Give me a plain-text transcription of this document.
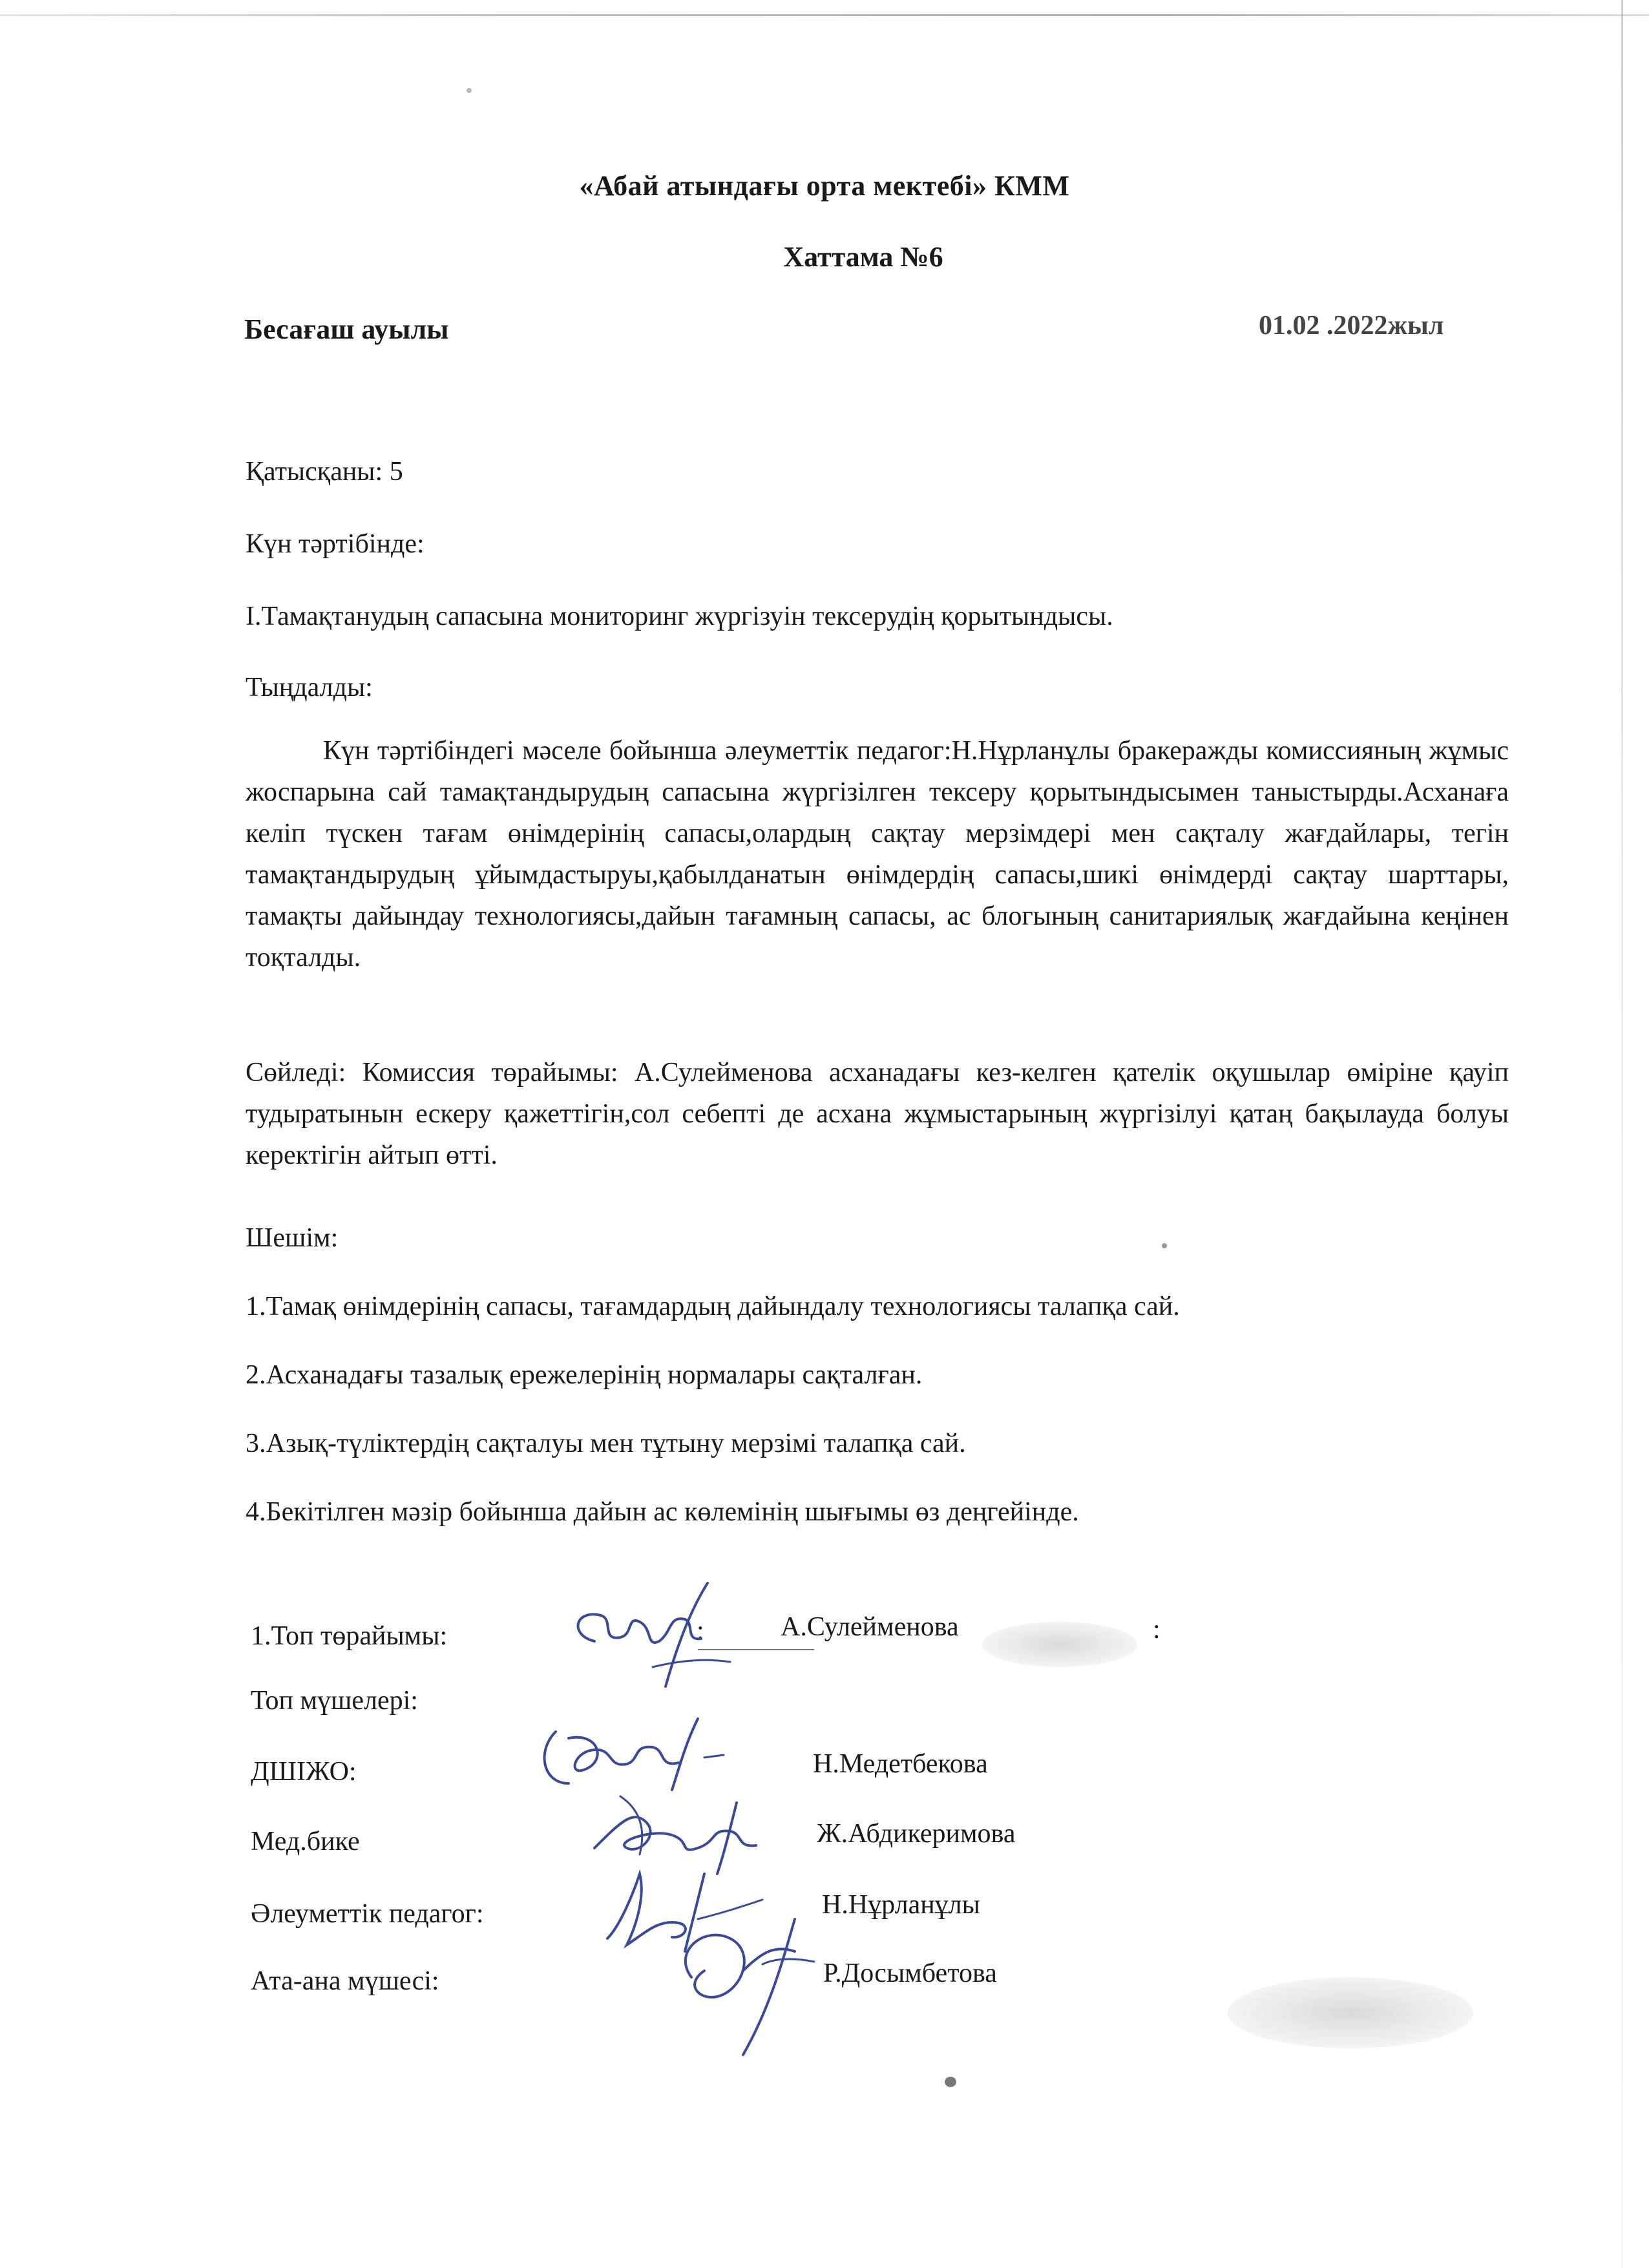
«Абай атындағы орта мектебі» КММ
Хаттама №6
Бесағаш ауылы	01.02 .2022жыл
Қатысқаны: 5
Күн тәртібінде:
І.Тамақтанудың сапасына мониторинг жүргізуін тексерудің қорытындысы.
Тыңдалды:
Күн тәртібіндегі мәселе бойынша әлеуметтік педагог:Н.Нұрланұлы бракеражды комиссияның жұмыс жоспарына сай тамақтандырудың сапасына жүргізілген тексеру қорытындысымен таныстырды.Асханаға келіп түскен тағам өнімдерінің сапасы,олардың сақтау мерзімдері мен сақталу жағдайлары, тегін тамақтандырудың ұйымдастыруы,қабылданатын өнімдердің сапасы,шикі өнімдерді сақтау шарттары, тамақты дайындау технологиясы,дайын тағамның сапасы, ас блогының санитариялық жағдайына кеңінен тоқталды.
Сөйледі: Комиссия төрайымы: А.Сулейменова асханадағы кез-келген қателік оқушылар өміріне қауіп тудыратынын ескеру қажеттігін,сол себепті де асхана жұмыстарының жүргізілуі қатаң бақылауда болуы керектігін айтып өтті.
Шешім:
1.Тамақ өнімдерінің сапасы, тағамдардың дайындалу технологиясы талапқа сай.
2.Асханадағы тазалық ережелерінің нормалары сақталған.
3.Азық-түліктердің сақталуы мен тұтыну мерзімі талапқа сай.
4.Бекітілген мәзір бойынша дайын ас көлемінің шығымы өз деңгейінде.
1.Топ төрайымы:	:	А.Сулейменова	:
Топ мүшелері:
ДШІЖО:	Н.Медетбекова
Мед.бике	Ж.Абдикеримова
Әлеуметтік педагог:	Н.Нұрланұлы
Ата-ана мүшесі:	Р.Досымбетова
